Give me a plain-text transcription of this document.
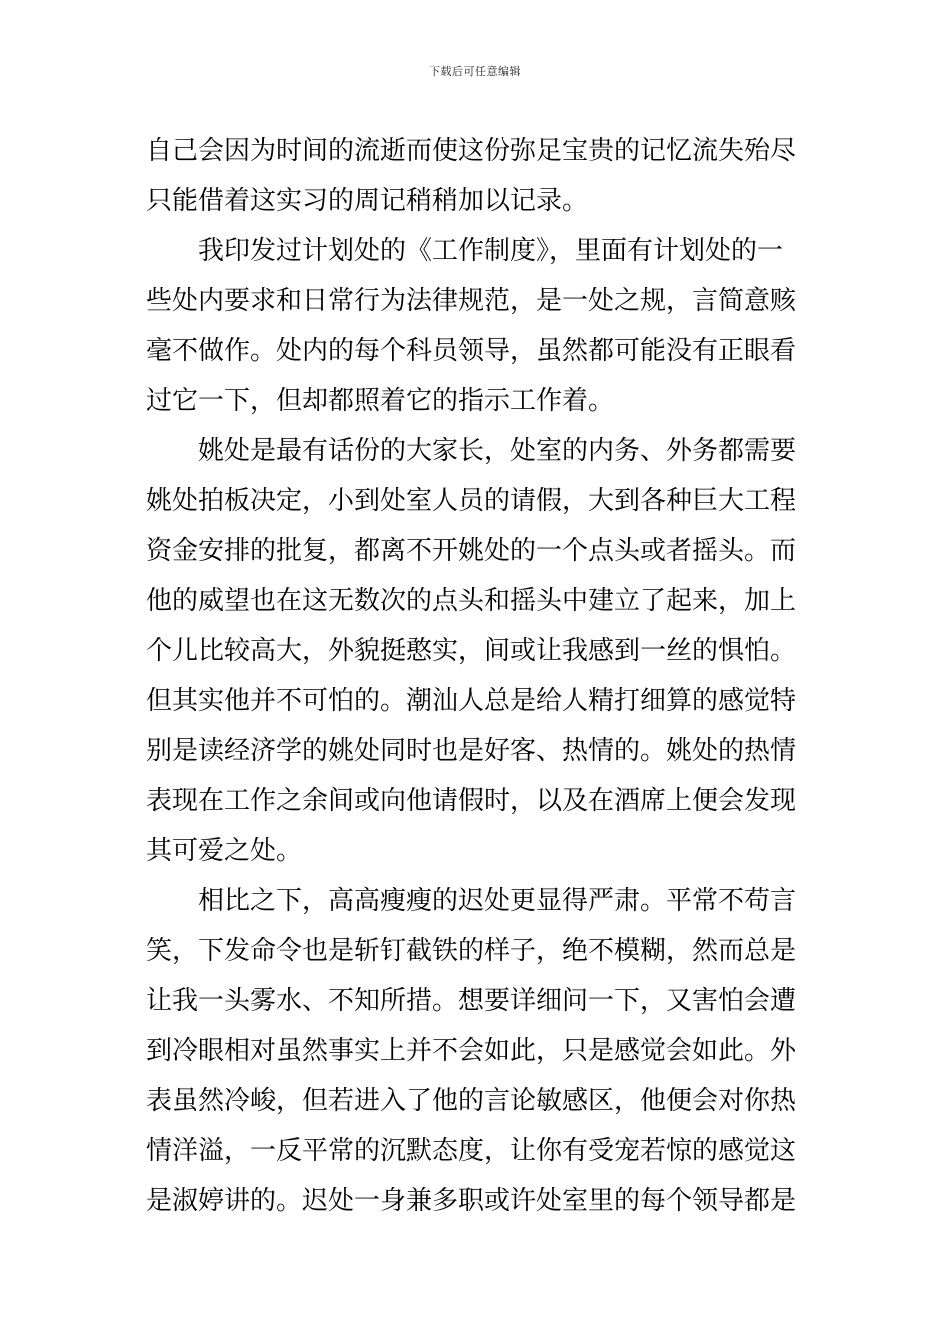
下载后可任意编辑
自己会因为时间的流逝而使这份弥足宝贵的记忆流失殆尽
只能借着这实习的周记稍稍加以记录。
我印发过计划处的《工作制度》，里面有计划处的一
些处内要求和日常行为法律规范，是一处之规，言简意赅
毫不做作。处内的每个科员领导，虽然都可能没有正眼看
过它一下，但却都照着它的指示工作着。
姚处是最有话份的大家长，处室的内务、外务都需要
姚处拍板决定，小到处室人员的请假，大到各种巨大工程
资金安排的批复，都离不开姚处的一个点头或者摇头。而
他的威望也在这无数次的点头和摇头中建立了起来，加上
个儿比较高大，外貌挺憨实，间或让我感到一丝的惧怕。
但其实他并不可怕的。潮汕人总是给人精打细算的感觉特
别是读经济学的姚处同时也是好客、热情的。姚处的热情
表现在工作之余间或向他请假时，以及在酒席上便会发现
其可爱之处。
相比之下，高高瘦瘦的迟处更显得严肃。平常不苟言
笑，下发命令也是斩钉截铁的样子，绝不模糊，然而总是
让我一头雾水、不知所措。想要详细问一下，又害怕会遭
到冷眼相对虽然事实上并不会如此，只是感觉会如此。外
表虽然冷峻，但若进入了他的言论敏感区，他便会对你热
情洋溢，一反平常的沉默态度，让你有受宠若惊的感觉这
是淑婷讲的。迟处一身兼多职或许处室里的每个领导都是
